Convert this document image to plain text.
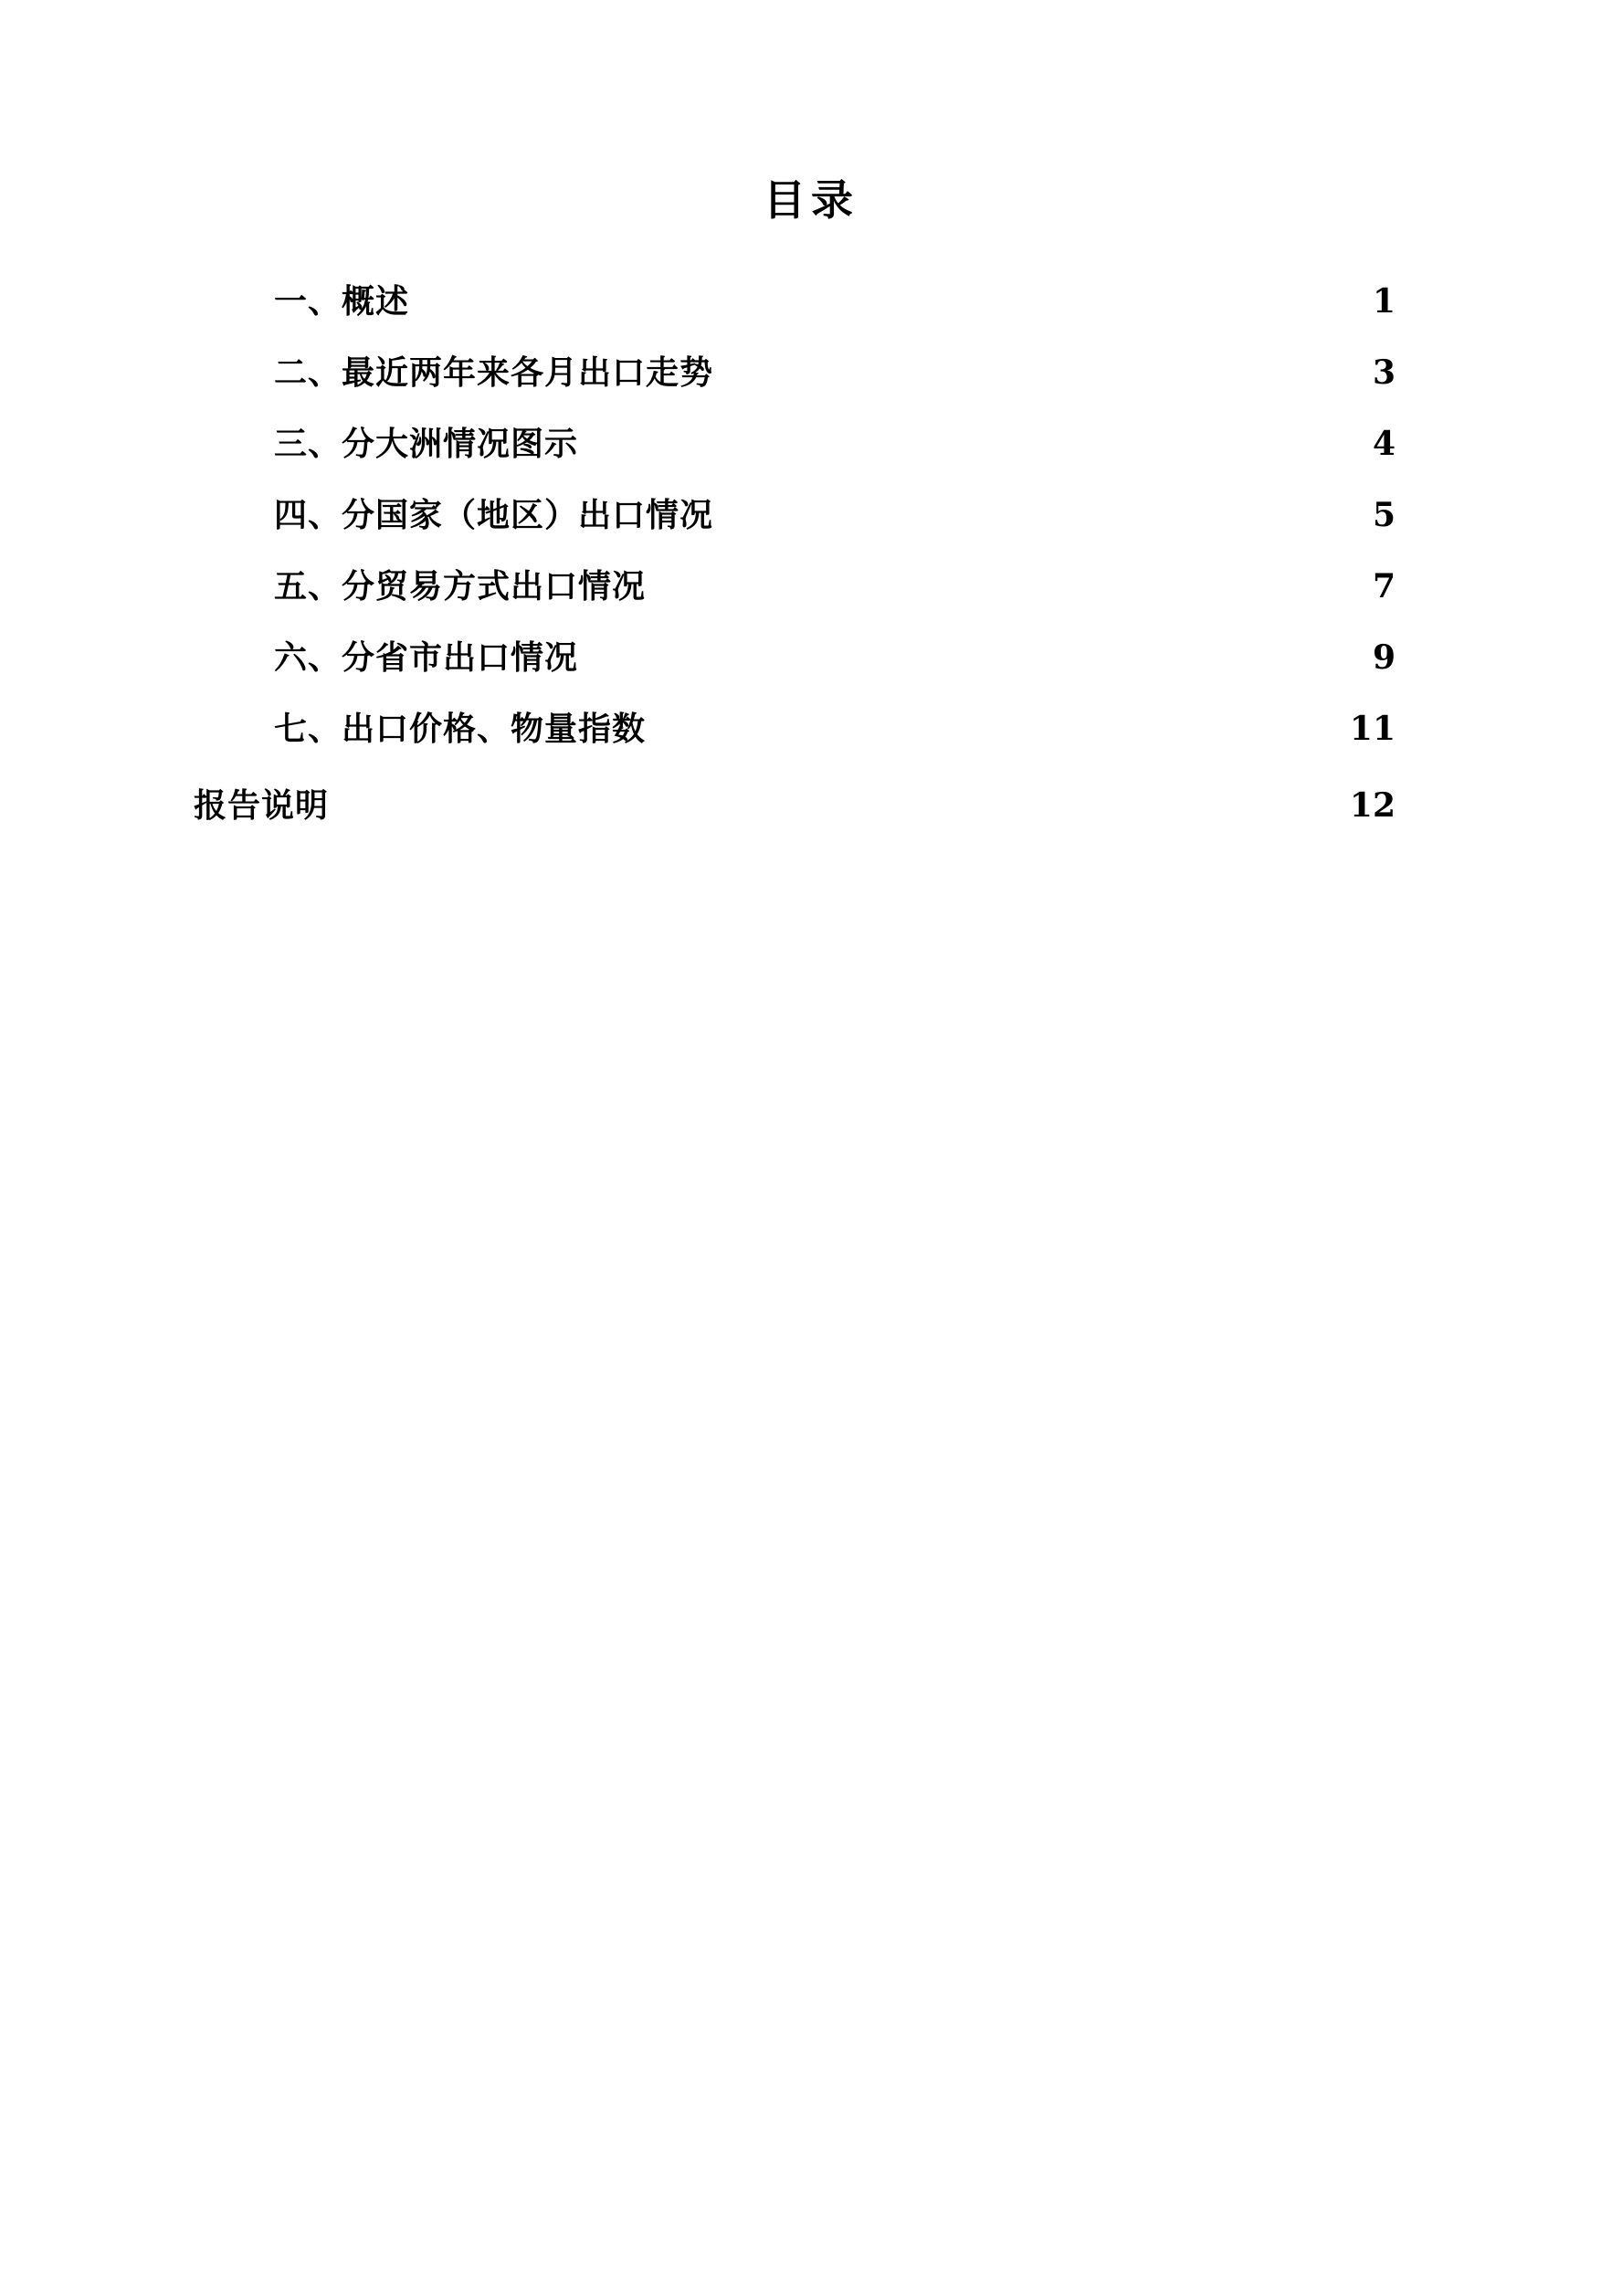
目录
一、概述	1
二、最近两年来各月出口走势	3
三、分大洲情况图示	4
四、分国家（地区）出口情况	5
五、分贸易方式出口情况	7
六、分省市出口情况	9
七、出口价格、物量指数	11
报告说明	12
